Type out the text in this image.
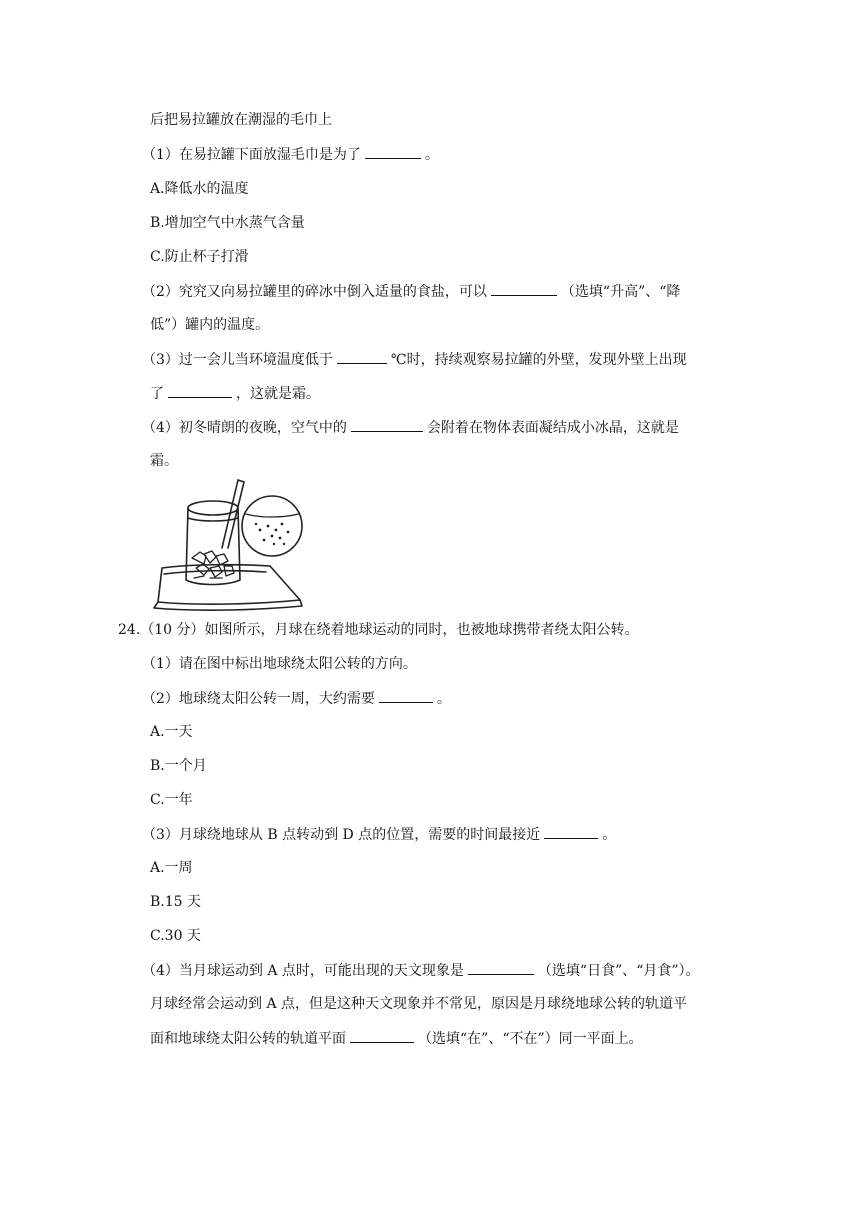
后把易拉罐放在潮湿的毛巾上
（1）在易拉罐下面放湿毛巾是为了	。
A.降低水的温度
B.增加空气中水蒸气含量
C.防止杯子打滑
（2）究究又向易拉罐里的碎冰中倒入适量的食盐，可以	（选填“升高”、“降
低”）罐内的温度。
（3）过一会儿当环境温度低于	℃时，持续观察易拉罐的外壁，发现外壁上出现
了	，这就是霜。
（4）初冬晴朗的夜晚，空气中的	会附着在物体表面凝结成小冰晶，这就是
霜。
24.（10 分）如图所示，月球在绕着地球运动的同时，也被地球携带者绕太阳公转。
（1）请在图中标出地球绕太阳公转的方向。
（2）地球绕太阳公转一周，大约需要	。
A.一天
B.一个月
C.一年
（3）月球绕地球从 B 点转动到 D 点的位置，需要的时间最接近	。
A.一周
B.15 天
C.30 天
（4）当月球运动到 A 点时，可能出现的天文现象是	（选填“日食”、“月食”）。
月球经常会运动到 A 点，但是这种天文现象并不常见，原因是月球绕地球公转的轨道平
面和地球绕太阳公转的轨道平面	（选填“在”、“不在”）同一平面上。
